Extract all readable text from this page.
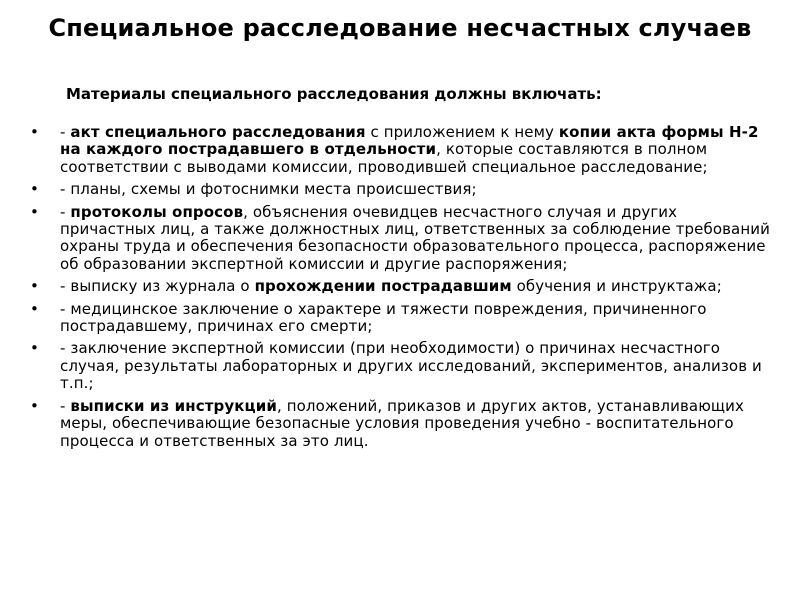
Специальное расследование несчастных случаев
Материалы специального расследования должны включать:
• - акт специального расследования с приложением к нему копии акта формы Н-2 на каждого пострадавшего в отдельности, которые составляются в полном соответствии с выводами комиссии, проводившей специальное расследование;
• - планы, схемы и фотоснимки места происшествия;
• - протоколы опросов, объяснения очевидцев несчастного случая и других причастных лиц, а также должностных лиц, ответственных за соблюдение требований охраны труда и обеспечения безопасности образовательного процесса, распоряжение об образовании экспертной комиссии и другие распоряжения;
• - выписку из журнала о прохождении пострадавшим обучения и инструктажа;
• - медицинское заключение о характере и тяжести повреждения, причиненного пострадавшему, причинах его смерти;
• - заключение экспертной комиссии (при необходимости) о причинах несчастного случая, результаты лабораторных и других исследований, экспериментов, анализов и т.п.;
• - выписки из инструкций, положений, приказов и других актов, устанавливающих меры, обеспечивающие безопасные условия проведения учебно - воспитательного процесса и ответственных за это лиц.
